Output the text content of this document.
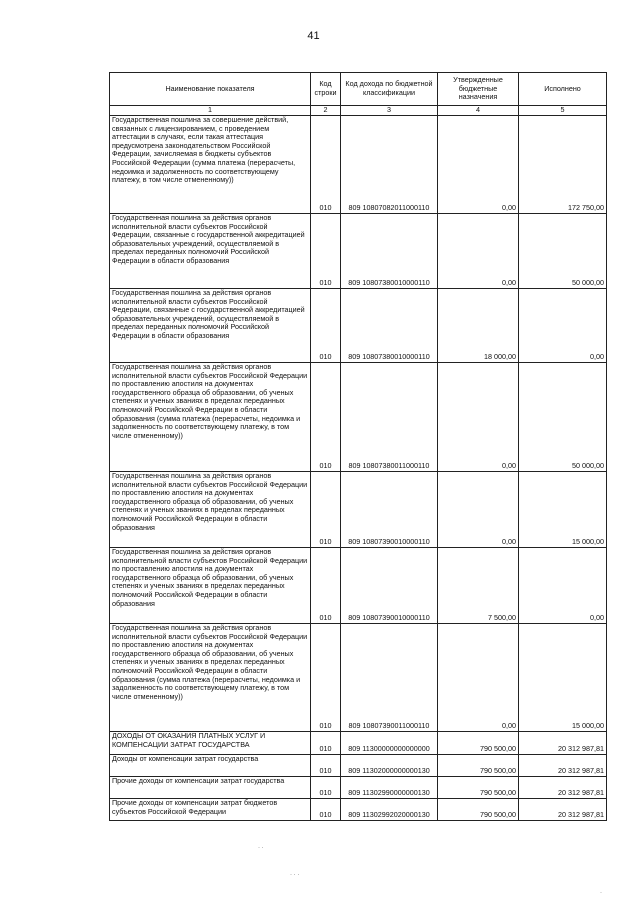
41
Наименование показателя	Код строки	Код дохода по бюджетной классификации	Утвержденные бюджетные назначения	Исполнено
1	2	3	4	5
Государственная пошлина за совершение действий, связанных с лицензированием, с проведением аттестации в случаях, если такая аттестация предусмотрена законодательством Российской Федерации, зачисляемая в бюджеты субъектов Российской Федерации (сумма платежа (перерасчеты, недоимка и задолженность по соответствующему платежу, в том числе отмененному))	010	809 10807082011000110	0,00	172 750,00
Государственная пошлина за действия органов исполнительной власти субъектов Российской Федерации, связанные с государственной аккредитацией образовательных учреждений, осуществляемой в пределах переданных полномочий Российской Федерации в области образования	010	809 10807380010000110	0,00	50 000,00
Государственная пошлина за действия органов исполнительной власти субъектов Российской Федерации, связанные с государственной аккредитацией образовательных учреждений, осуществляемой в пределах переданных полномочий Российской Федерации в области образования	010	809 10807380010000110	18 000,00	0,00
Государственная пошлина за действия органов исполнительной власти субъектов Российской Федерации по проставлению апостиля на документах государственного образца об образовании, об ученых степенях и ученых званиях в пределах переданных полномочий Российской Федерации в области образования (сумма платежа (перерасчеты, недоимка и задолженность по соответствующему платежу, в том числе отмененному))	010	809 10807380011000110	0,00	50 000,00
Государственная пошлина за действия органов исполнительной власти субъектов Российской Федерации по проставлению апостиля на документах государственного образца об образовании, об ученых степенях и ученых званиях в пределах переданных полномочий Российской Федерации в области образования	010	809 10807390010000110	0,00	15 000,00
Государственная пошлина за действия органов исполнительной власти субъектов Российской Федерации по проставлению апостиля на документах государственного образца об образовании, об ученых степенях и ученых званиях в пределах переданных полномочий Российской Федерации в области образования	010	809 10807390010000110	7 500,00	0,00
Государственная пошлина за действия органов исполнительной власти субъектов Российской Федерации по проставлению апостиля на документах государственного образца об образовании, об ученых степенях и ученых званиях в пределах переданных полномочий Российской Федерации в области образования (сумма платежа (перерасчеты, недоимка и задолженность по соответствующему платежу, в том числе отмененному))	010	809 10807390011000110	0,00	15 000,00
ДОХОДЫ ОТ ОКАЗАНИЯ ПЛАТНЫХ УСЛУГ И КОМПЕНСАЦИИ ЗАТРАТ ГОСУДАРСТВА	010	809 11300000000000000	790 500,00	20 312 987,81
Доходы от компенсации затрат государства	010	809 11302000000000130	790 500,00	20 312 987,81
Прочие доходы от компенсации затрат государства	010	809 11302990000000130	790 500,00	20 312 987,81
Прочие доходы от компенсации затрат бюджетов субъектов Российской Федерации	010	809 11302992020000130	790 500,00	20 312 987,81
· ·
· · ·
·
